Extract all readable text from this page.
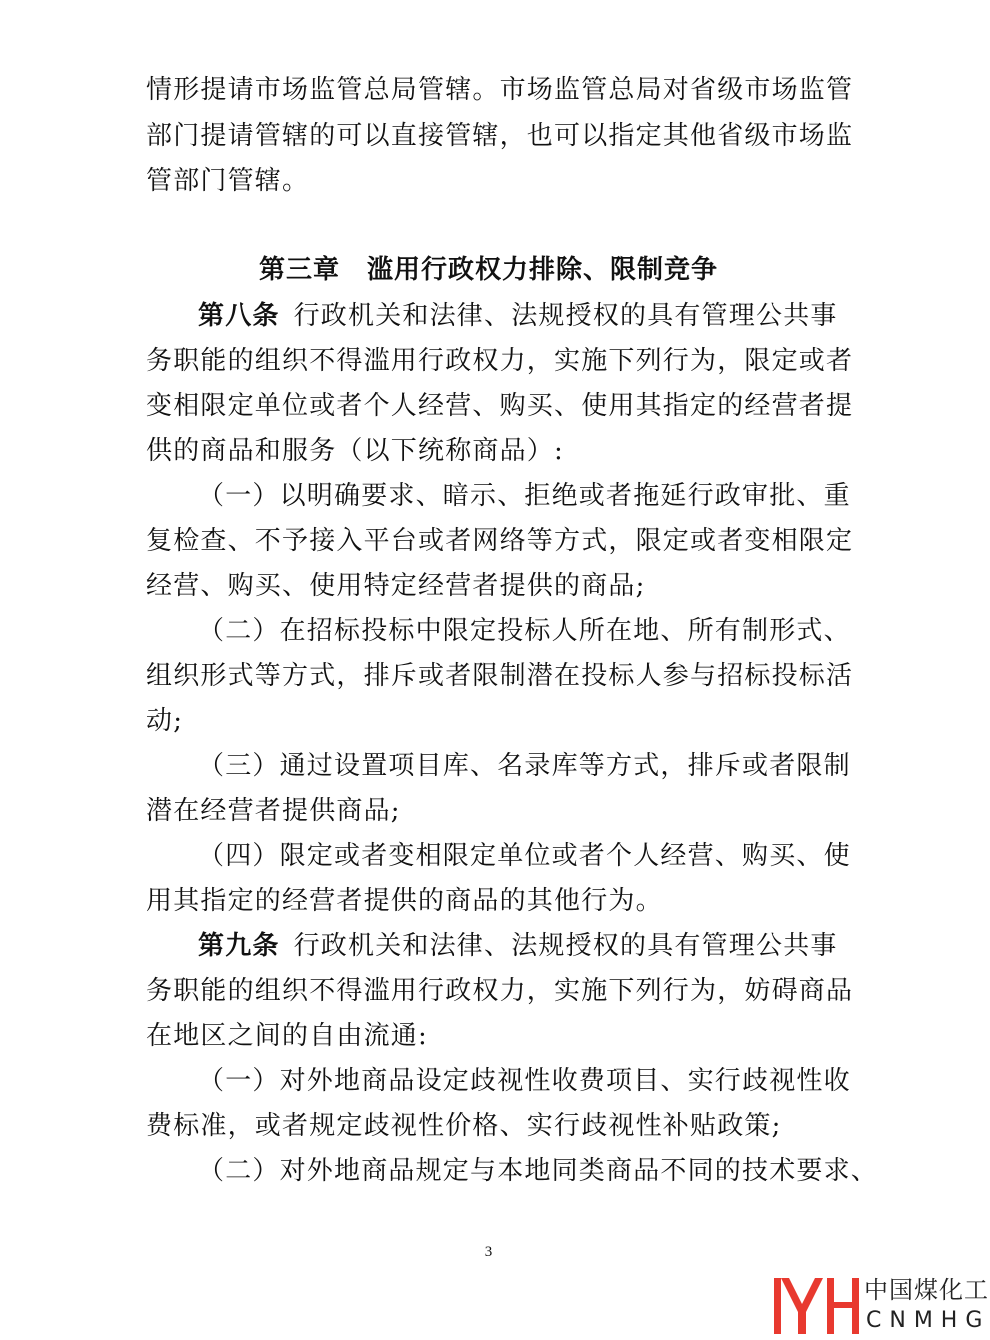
情形提请市场监管总局管辖。市场监管总局对省级市场监管
部门提请管辖的可以直接管辖，也可以指定其他省级市场监
管部门管辖。
第三章　滥用行政权力排除、限制竞争
第八条 行政机关和法律、法规授权的具有管理公共事
务职能的组织不得滥用行政权力，实施下列行为，限定或者
变相限定单位或者个人经营、购买、使用其指定的经营者提
供的商品和服务（以下统称商品）:
（一）以明确要求、暗示、拒绝或者拖延行政审批、重
复检查、不予接入平台或者网络等方式，限定或者变相限定
经营、购买、使用特定经营者提供的商品;
（二）在招标投标中限定投标人所在地、所有制形式、
组织形式等方式，排斥或者限制潜在投标人参与招标投标活
动;
（三）通过设置项目库、名录库等方式，排斥或者限制
潜在经营者提供商品;
（四）限定或者变相限定单位或者个人经营、购买、使
用其指定的经营者提供的商品的其他行为。
第九条 行政机关和法律、法规授权的具有管理公共事
务职能的组织不得滥用行政权力，实施下列行为，妨碍商品
在地区之间的自由流通:
（一）对外地商品设定歧视性收费项目、实行歧视性收
费标准，或者规定歧视性价格、实行歧视性补贴政策;
（二）对外地商品规定与本地同类商品不同的技术要求、
3
中国煤化工
CNMHG
